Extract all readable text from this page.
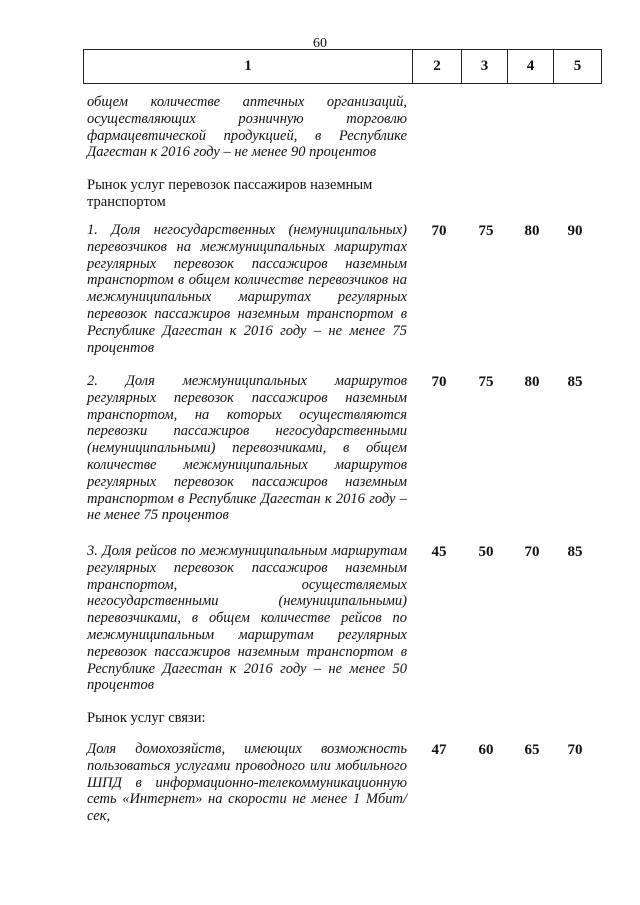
60
1	2	3	4	5
общем количестве аптечных организаций, осуществляющих розничную торговлю фармацевтической продукцией, в Республике Дагестан к 2016 году – не менее 90 процентов
Рынок услуг перевозок пассажиров наземным транспортом
1. Доля негосударственных (немуниципальных) перевозчиков на межмуниципальных маршрутах регулярных перевозок пассажиров наземным транспортом в общем количестве перевозчиков на межмуниципальных маршрутах регулярных перевозок пассажиров наземным транспортом в Республике Дагестан к 2016 году – не менее 75 процентов
70	75	80	90
2. Доля межмуниципальных маршрутов регулярных перевозок пассажиров наземным транспортом, на которых осуществляются перевозки пассажиров негосударственными (немуниципальными) перевозчиками, в общем количестве межмуниципальных маршрутов регулярных перевозок пассажиров наземным транспортом в Республике Дагестан к 2016 году – не менее 75 процентов
70	75	80	85
3. Доля рейсов по межмуниципальным маршрутам регулярных перевозок пассажиров наземным транспортом, осуществляемых негосударственными (немуниципальными) перевозчиками, в общем количестве рейсов по межмуниципальным маршрутам регулярных перевозок пассажиров наземным транспортом в Республике Дагестан к 2016 году – не менее 50 процентов
45	50	70	85
Рынок услуг связи:
Доля домохозяйств, имеющих возможность пользоваться услугами проводного или мобильного ШПД в информационно-телекоммуникационную сеть «Интернет» на скорости не менее 1 Мбит/сек,
47	60	65	70
